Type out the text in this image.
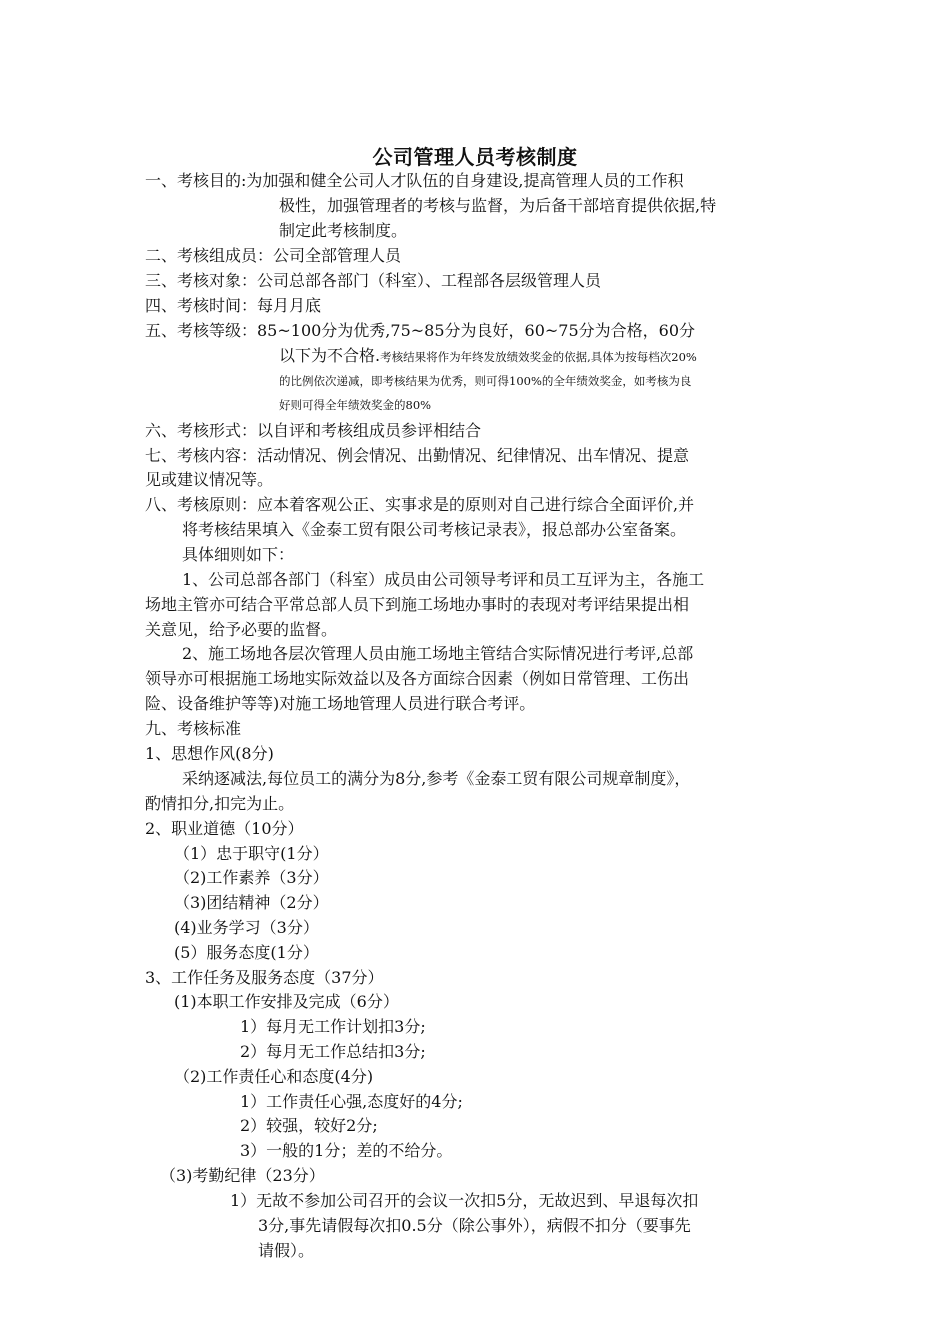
公司管理人员考核制度
一、考核目的:为加强和健全公司人才队伍的自身建设,提高管理人员的工作积
极性，加强管理者的考核与监督，为后备干部培育提供依据,特
制定此考核制度。
二、考核组成员：公司全部管理人员
三、考核对象：公司总部各部门（科室）、工程部各层级管理人员
四、考核时间：每月月底
五、考核等级：85~100分为优秀,75~85分为良好，60~75分为合格，60分
以下为不合格.考核结果将作为年终发放绩效奖金的依据,具体为按每档次20%
的比例依次递减，即考核结果为优秀，则可得100%的全年绩效奖金，如考核为良
好则可得全年绩效奖金的80%
六、考核形式：以自评和考核组成员参评相结合
七、考核内容：活动情况、例会情况、出勤情况、纪律情况、出车情况、提意
见或建议情况等。
八、考核原则：应本着客观公正、实事求是的原则对自己进行综合全面评价,并
将考核结果填入《金泰工贸有限公司考核记录表》，报总部办公室备案。
具体细则如下：
1、公司总部各部门（科室）成员由公司领导考评和员工互评为主，各施工
场地主管亦可结合平常总部人员下到施工场地办事时的表现对考评结果提出相
关意见，给予必要的监督。
2、施工场地各层次管理人员由施工场地主管结合实际情况进行考评,总部
领导亦可根据施工场地实际效益以及各方面综合因素（例如日常管理、工伤出
险、设备维护等等)对施工场地管理人员进行联合考评。
九、考核标准
1、思想作风(8分)
采纳逐减法,每位员工的满分为8分,参考《金泰工贸有限公司规章制度》，
酌情扣分,扣完为止。
2、职业道德（10分）
（1）忠于职守(1分）
（2)工作素养（3分）
（3)团结精神（2分）
(4)业务学习（3分）
(5）服务态度(1分）
3、工作任务及服务态度（37分）
(1)本职工作安排及完成（6分）
1）每月无工作计划扣3分;
2）每月无工作总结扣3分;
（2)工作责任心和态度(4分)
1）工作责任心强,态度好的4分;
2）较强，较好2分;
3）一般的1分；差的不给分。
（3)考勤纪律（23分）
1）无故不参加公司召开的会议一次扣5分，无故迟到、早退每次扣
3分,事先请假每次扣0.5分（除公事外），病假不扣分（要事先
请假）。
